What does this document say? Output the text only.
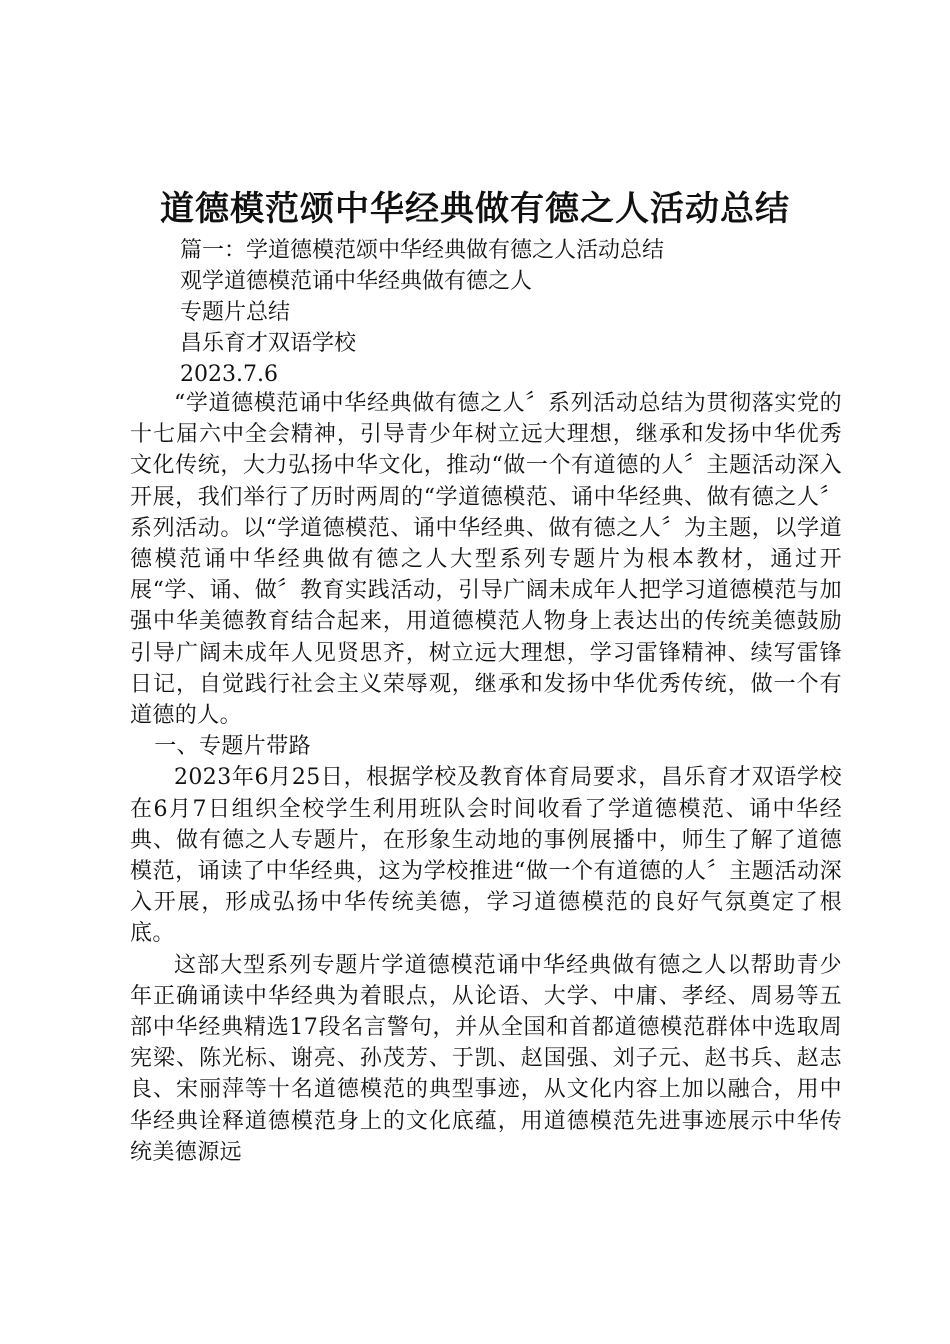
道德模范颂中华经典做有德之人活动总结

篇一：学道德模范颂中华经典做有德之人活动总结

观学道德模范诵中华经典做有德之人

专题片总结

昌乐育才双语学校

2023.7.6

“学道德模范诵中华经典做有德之人〞系列活动总结为贯彻落实党的十七届六中全会精神，引导青少年树立远大理想，继承和发扬中华优秀文化传统，大力弘扬中华文化，推动“做一个有道德的人〞主题活动深入开展，我们举行了历时两周的“学道德模范、诵中华经典、做有德之人〞系列活动。以“学道德模范、诵中华经典、做有德之人〞为主题，以学道德模范诵中华经典做有德之人大型系列专题片为根本教材，通过开展“学、诵、做〞教育实践活动，引导广阔未成年人把学习道德模范与加强中华美德教育结合起来，用道德模范人物身上表达出的传统美德鼓励引导广阔未成年人见贤思齐，树立远大理想，学习雷锋精神、续写雷锋日记，自觉践行社会主义荣辱观，继承和发扬中华优秀传统，做一个有道德的人。

一、专题片带路

2023年6月25日，根据学校及教育体育局要求，昌乐育才双语学校在6月7日组织全校学生利用班队会时间收看了学道德模范、诵中华经典、做有德之人专题片，在形象生动地的事例展播中，师生了解了道德模范，诵读了中华经典，这为学校推进“做一个有道德的人〞主题活动深入开展，形成弘扬中华传统美德，学习道德模范的良好气氛奠定了根底。

这部大型系列专题片学道德模范诵中华经典做有德之人以帮助青少年正确诵读中华经典为着眼点，从论语、大学、中庸、孝经、周易等五部中华经典精选17段名言警句，并从全国和首都道德模范群体中选取周宪梁、陈光标、谢亮、孙茂芳、于凯、赵国强、刘子元、赵书兵、赵志良、宋丽萍等十名道德模范的典型事迹，从文化内容上加以融合，用中华经典诠释道德模范身上的文化底蕴，用道德模范先进事迹展示中华传统美德源远
